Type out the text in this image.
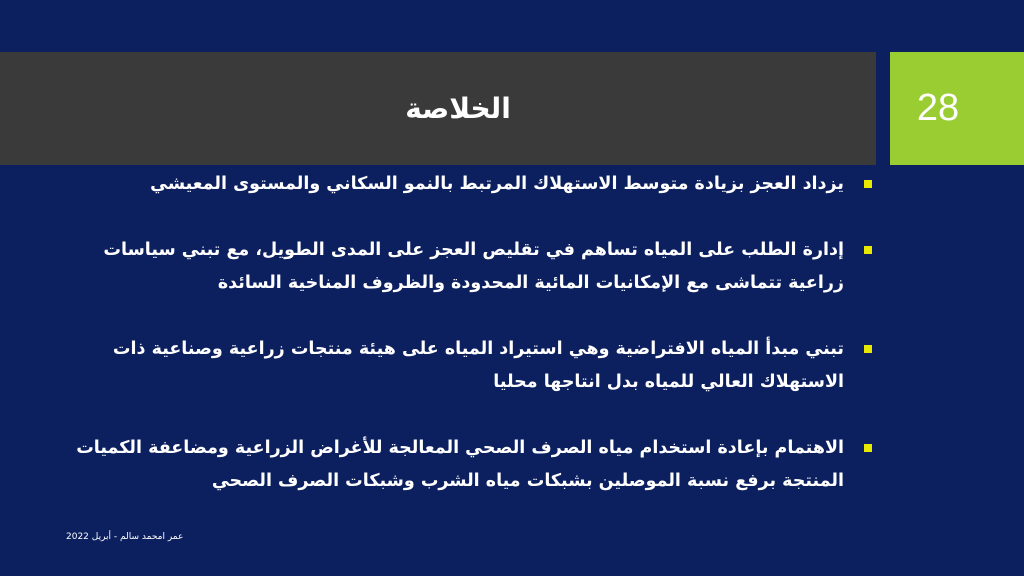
الخلاصة	28
يزداد العجز بزيادة متوسط الاستهلاك المرتبط بالنمو السكاني والمستوى المعيشي
إدارة الطلب على المياه تساهم في تقليص العجز على المدى الطويل، مع تبني سياسات زراعية تتماشى مع الإمكانيات المائية المحدودة والظروف المناخية السائدة
تبني مبدأ المياه الافتراضية وهي استيراد المياه على هيئة منتجات زراعية وصناعية ذات الاستهلاك العالي للمياه بدل انتاجها محليا
الاهتمام بإعادة استخدام مياه الصرف الصحي المعالجة للأغراض الزراعية ومضاعفة الكميات المنتجة برفع نسبة الموصلين بشبكات مياه الشرب وشبكات الصرف الصحي
عمر امحمد سالم - أبريل 2022
